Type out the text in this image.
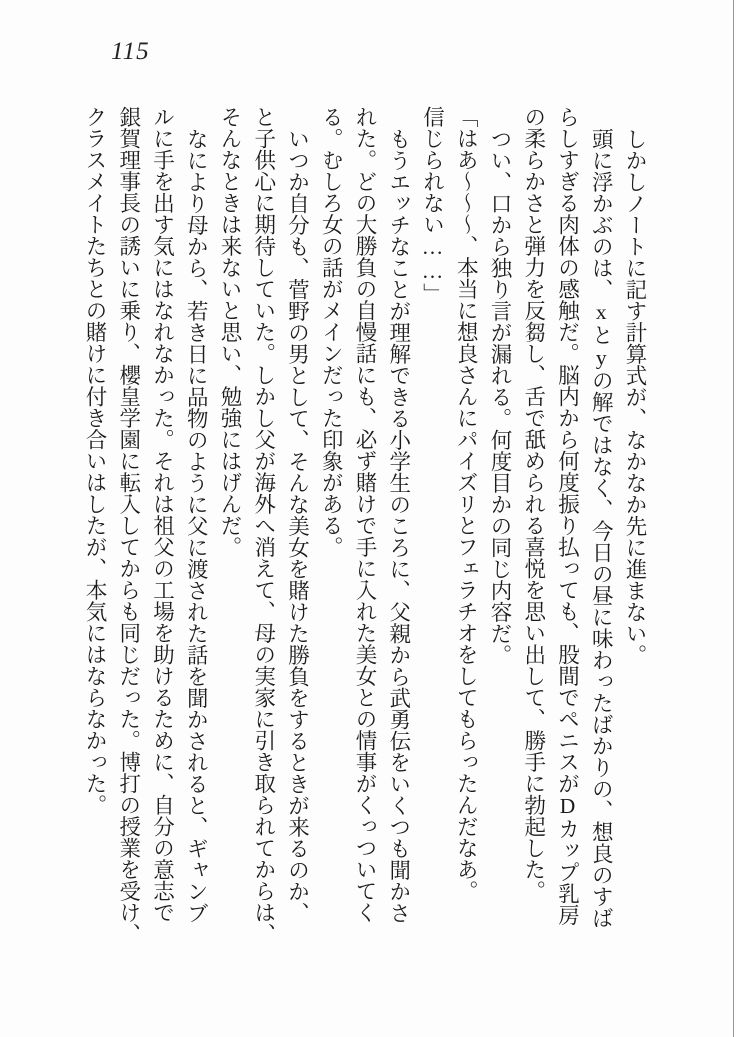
115
しかしノートに記す計算式が、なかなか先に進まない。
頭に浮かぶのは、xとyの解ではなく、今日の昼に味わったばかりの、想良のすば
らしすぎる肉体の感触だ。脳内から何度振り払っても、股間でペニスがDカップ乳房
の柔らかさと弾力を反芻し、舌で舐められる喜悦を思い出して、勝手に勃起した。
つい、口から独り言が漏れる。何度目かの同じ内容だ。
「はあ〜〜〜、本当に想良さんにパイズリとフェラチオをしてもらったんだなあ。
信じられない……」
もうエッチなことが理解できる小学生のころに、父親から武勇伝をいくつも聞かさ
れた。どの大勝負の自慢話にも、必ず賭けで手に入れた美女との情事がくっついてく
る。むしろ女の話がメインだった印象がある。
いつか自分も、菅野の男として、そんな美女を賭けた勝負をするときが来るのか、
と子供心に期待していた。しかし父が海外へ消えて、母の実家に引き取られてからは、
そんなときは来ないと思い、勉強にはげんだ。
なにより母から、若き日に品物のように父に渡された話を聞かされると、ギャンブ
ルに手を出す気にはなれなかった。それは祖父の工場を助けるために、自分の意志で
銀賀理事長の誘いに乗り、櫻皇学園に転入してからも同じだった。博打の授業を受け、
クラスメイトたちとの賭けに付き合いはしたが、本気にはならなかった。
